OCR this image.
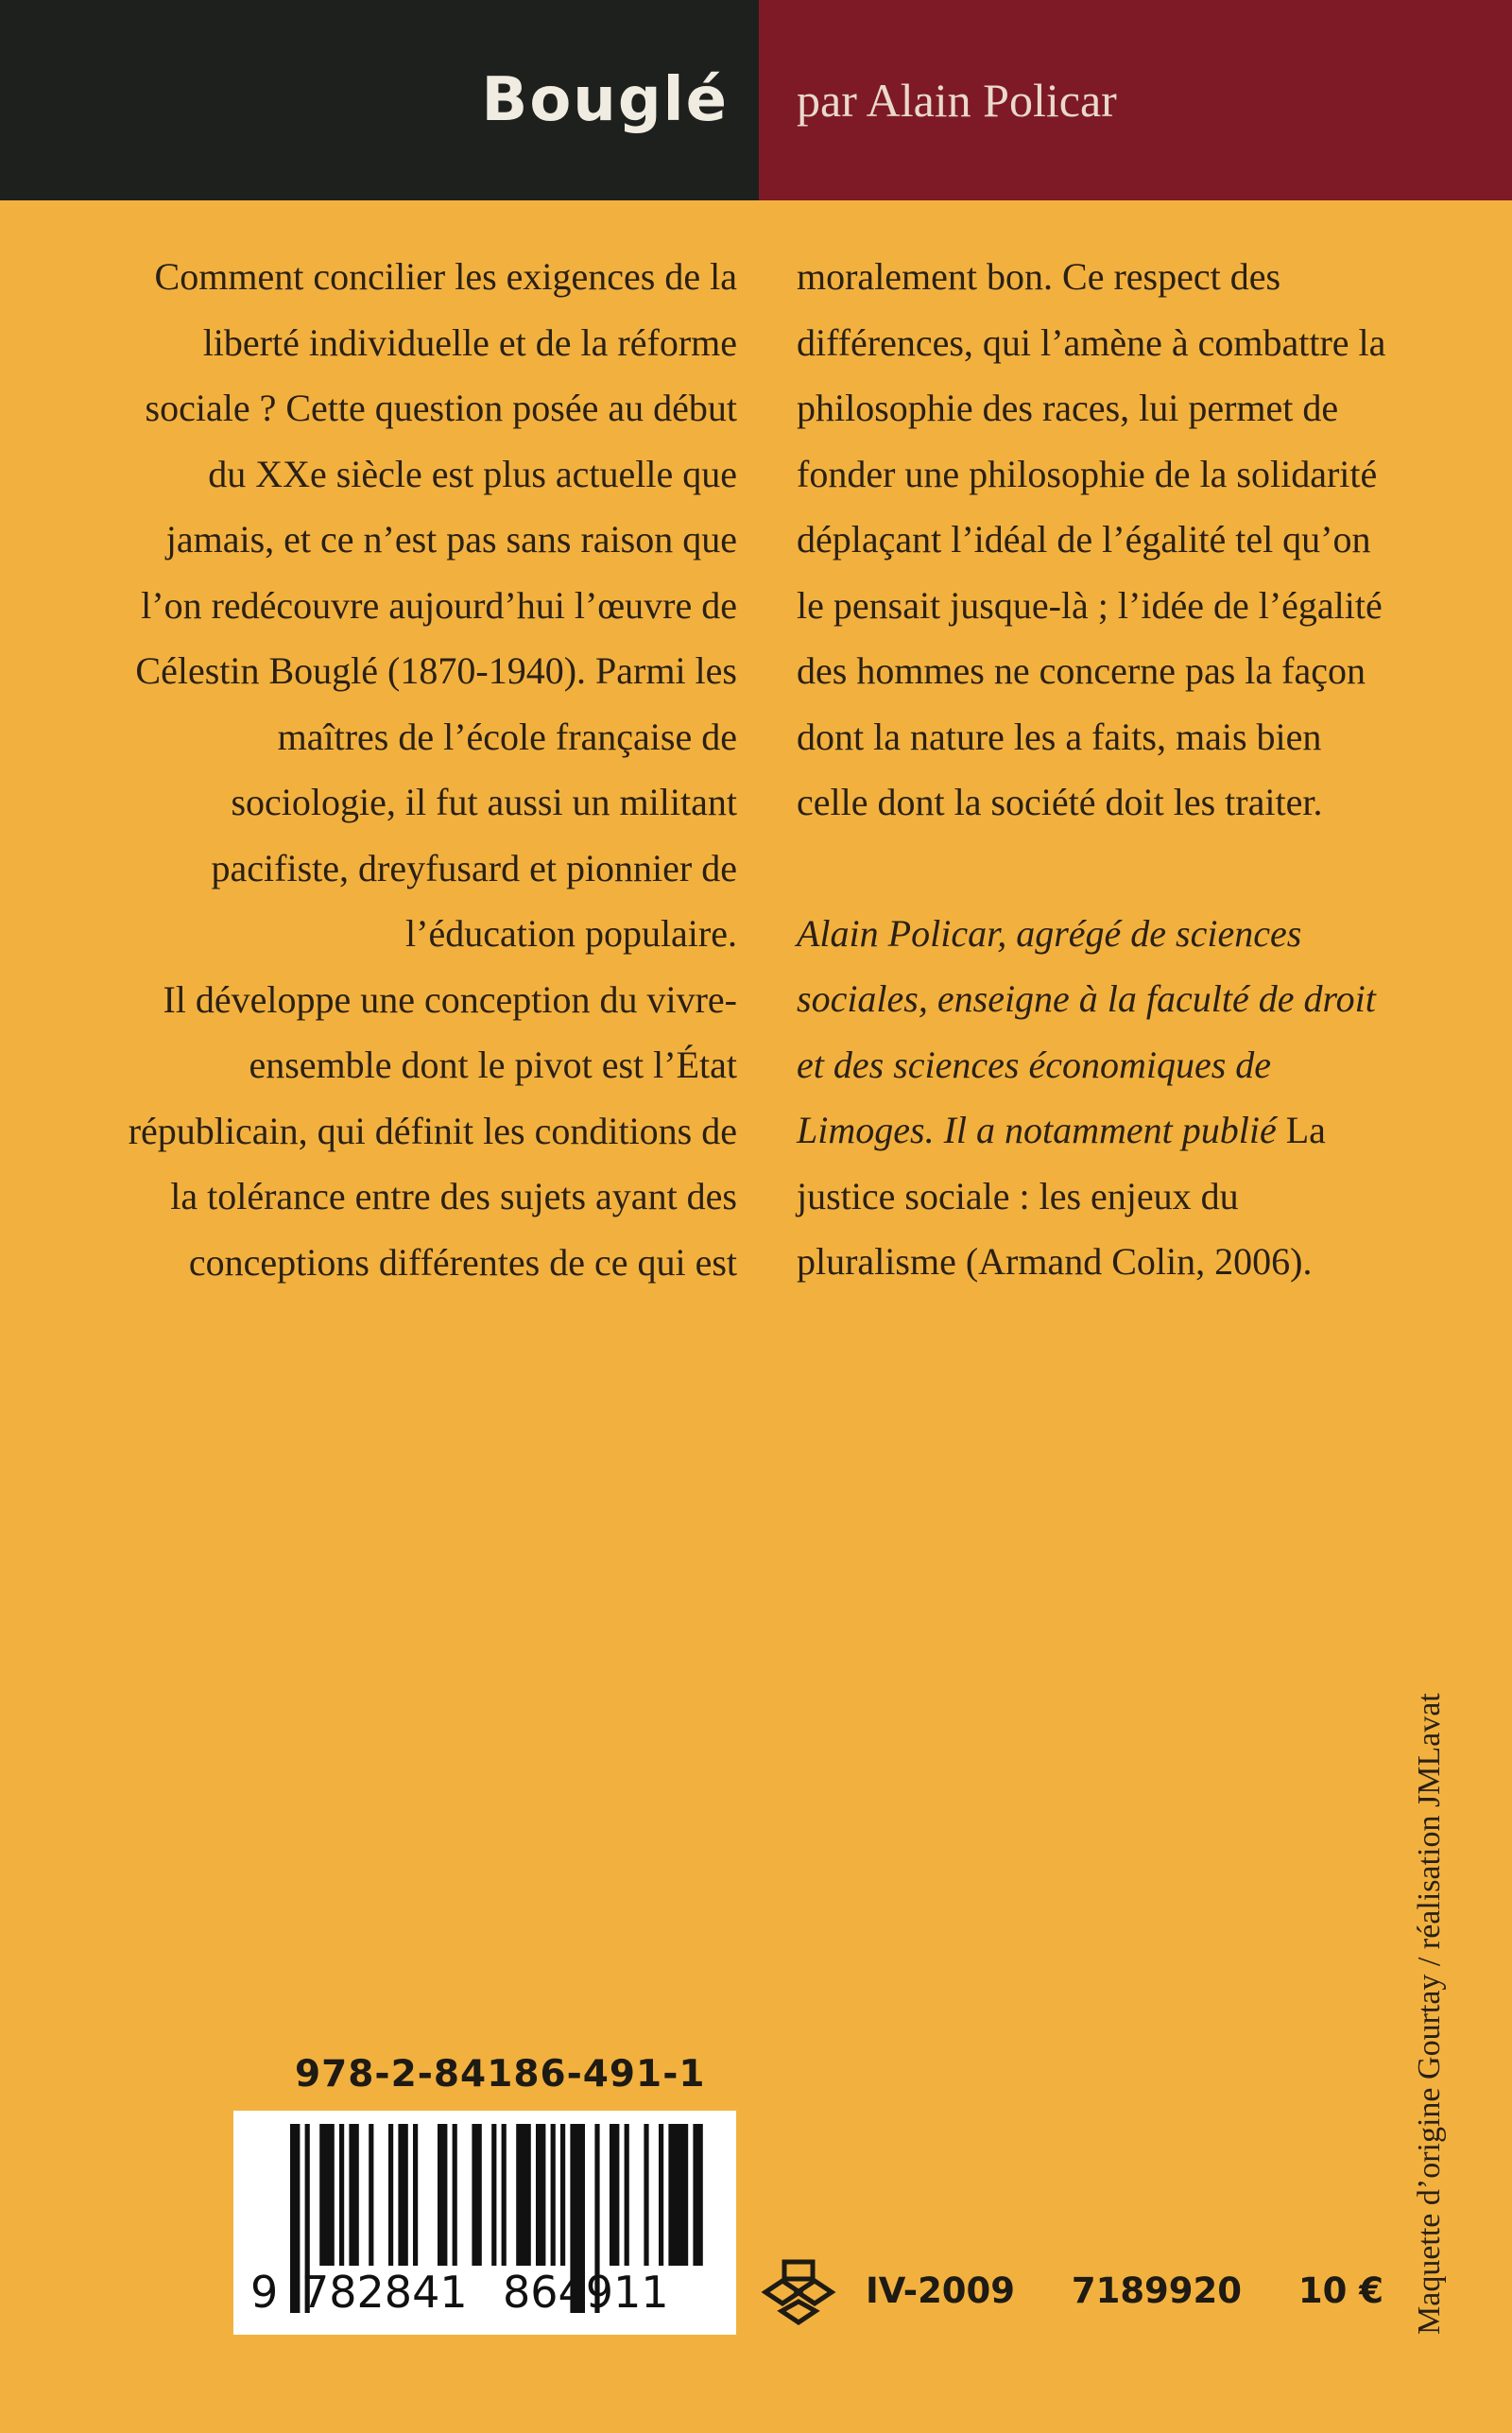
Bouglé par Alain Policar

Comment concilier les exigences de la liberté individuelle et de la réforme sociale ? Cette question posée au début du XXe siècle est plus actuelle que jamais, et ce n’est pas sans raison que l’on redécouvre aujourd’hui l’œuvre de Célestin Bouglé (1870-1940). Parmi les maîtres de l’école française de sociologie, il fut aussi un militant pacifiste, dreyfusard et pionnier de l’éducation populaire.

Il développe une conception du vivre-ensemble dont le pivot est l’État républicain, qui définit les conditions de la tolérance entre des sujets ayant des conceptions différentes de ce qui est

moralement bon. Ce respect des différences, qui l’amène à combattre la philosophie des races, lui permet de fonder une philosophie de la solidarité déplaçant l’idéal de l’égalité tel qu’on le pensait jusque-là ; l’idée de l’égalité des hommes ne concerne pas la façon dont la nature les a faits, mais bien celle dont la société doit les traiter.

Alain Policar, agrégé de sciences sociales, enseigne à la faculté de droit et des sciences économiques de Limoges. Il a notamment publié La justice sociale : les enjeux du pluralisme (Armand Colin, 2006).

Maquette d’origine Gourtay / réalisation JMLavat
978-2-84186-491-1
9 782841 864911	IV-2009 7189920 10 €
